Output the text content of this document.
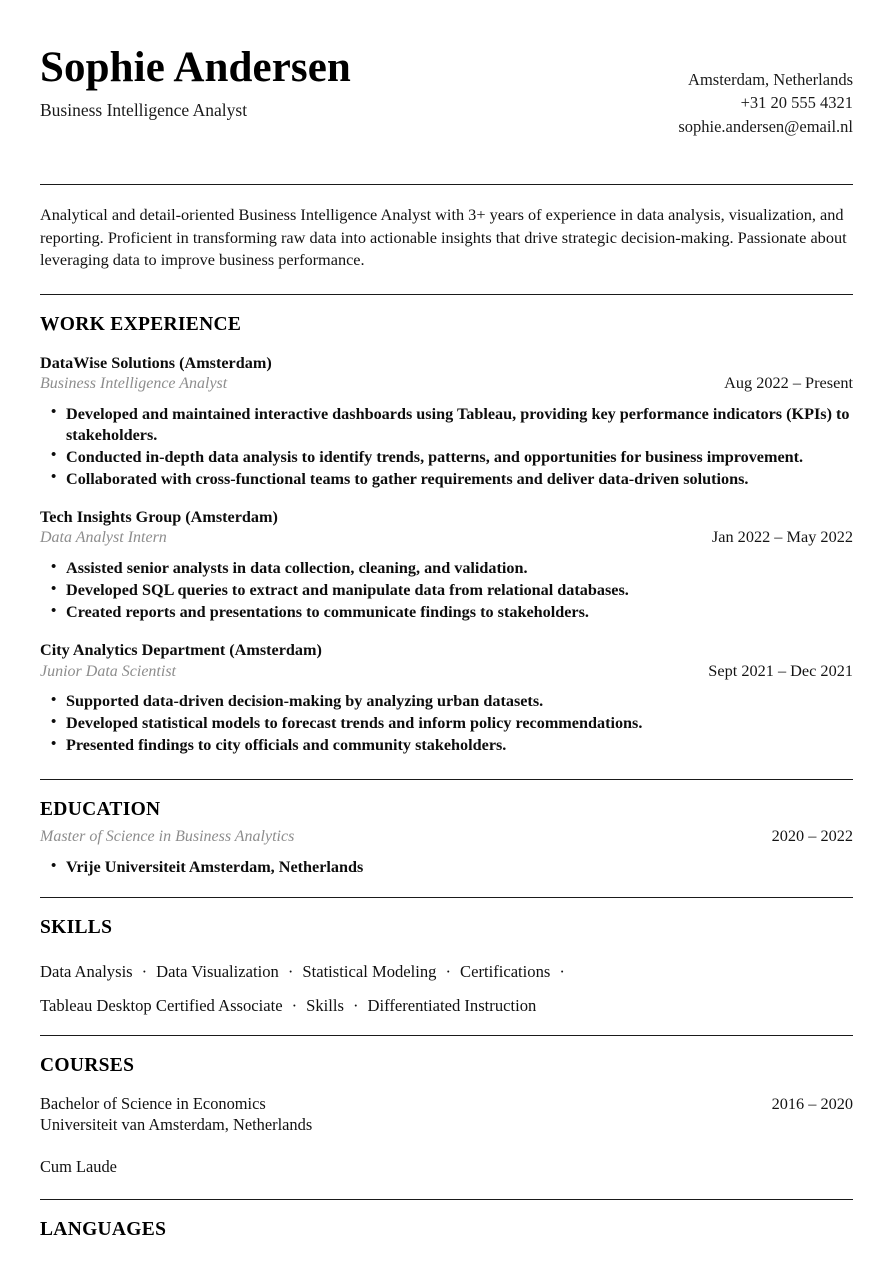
Sophie Andersen
Business Intelligence Analyst
Amsterdam, Netherlands
+31 20 555 4321
sophie.andersen@email.nl

Analytical and detail-oriented Business Intelligence Analyst with 3+ years of experience in data analysis, visualization, and reporting. Proficient in transforming raw data into actionable insights that drive strategic decision-making. Passionate about leveraging data to improve business performance.

WORK EXPERIENCE
DataWise Solutions (Amsterdam)
Business Intelligence Analyst	Aug 2022 – Present
• Developed and maintained interactive dashboards using Tableau, providing key performance indicators (KPIs) to stakeholders.
• Conducted in-depth data analysis to identify trends, patterns, and opportunities for business improvement.
• Collaborated with cross-functional teams to gather requirements and deliver data-driven solutions.
Tech Insights Group (Amsterdam)
Data Analyst Intern	Jan 2022 – May 2022
• Assisted senior analysts in data collection, cleaning, and validation.
• Developed SQL queries to extract and manipulate data from relational databases.
• Created reports and presentations to communicate findings to stakeholders.
City Analytics Department (Amsterdam)
Junior Data Scientist	Sept 2021 – Dec 2021
• Supported data-driven decision-making by analyzing urban datasets.
• Developed statistical models to forecast trends and inform policy recommendations.
• Presented findings to city officials and community stakeholders.
EDUCATION
Master of Science in Business Analytics	2020 – 2022
• Vrije Universiteit Amsterdam, Netherlands
SKILLS
Data Analysis · Data Visualization · Statistical Modeling · Certifications ·
Tableau Desktop Certified Associate · Skills · Differentiated Instruction
COURSES
Bachelor of Science in Economics	2016 – 2020
Universiteit van Amsterdam, Netherlands
Cum Laude
LANGUAGES
